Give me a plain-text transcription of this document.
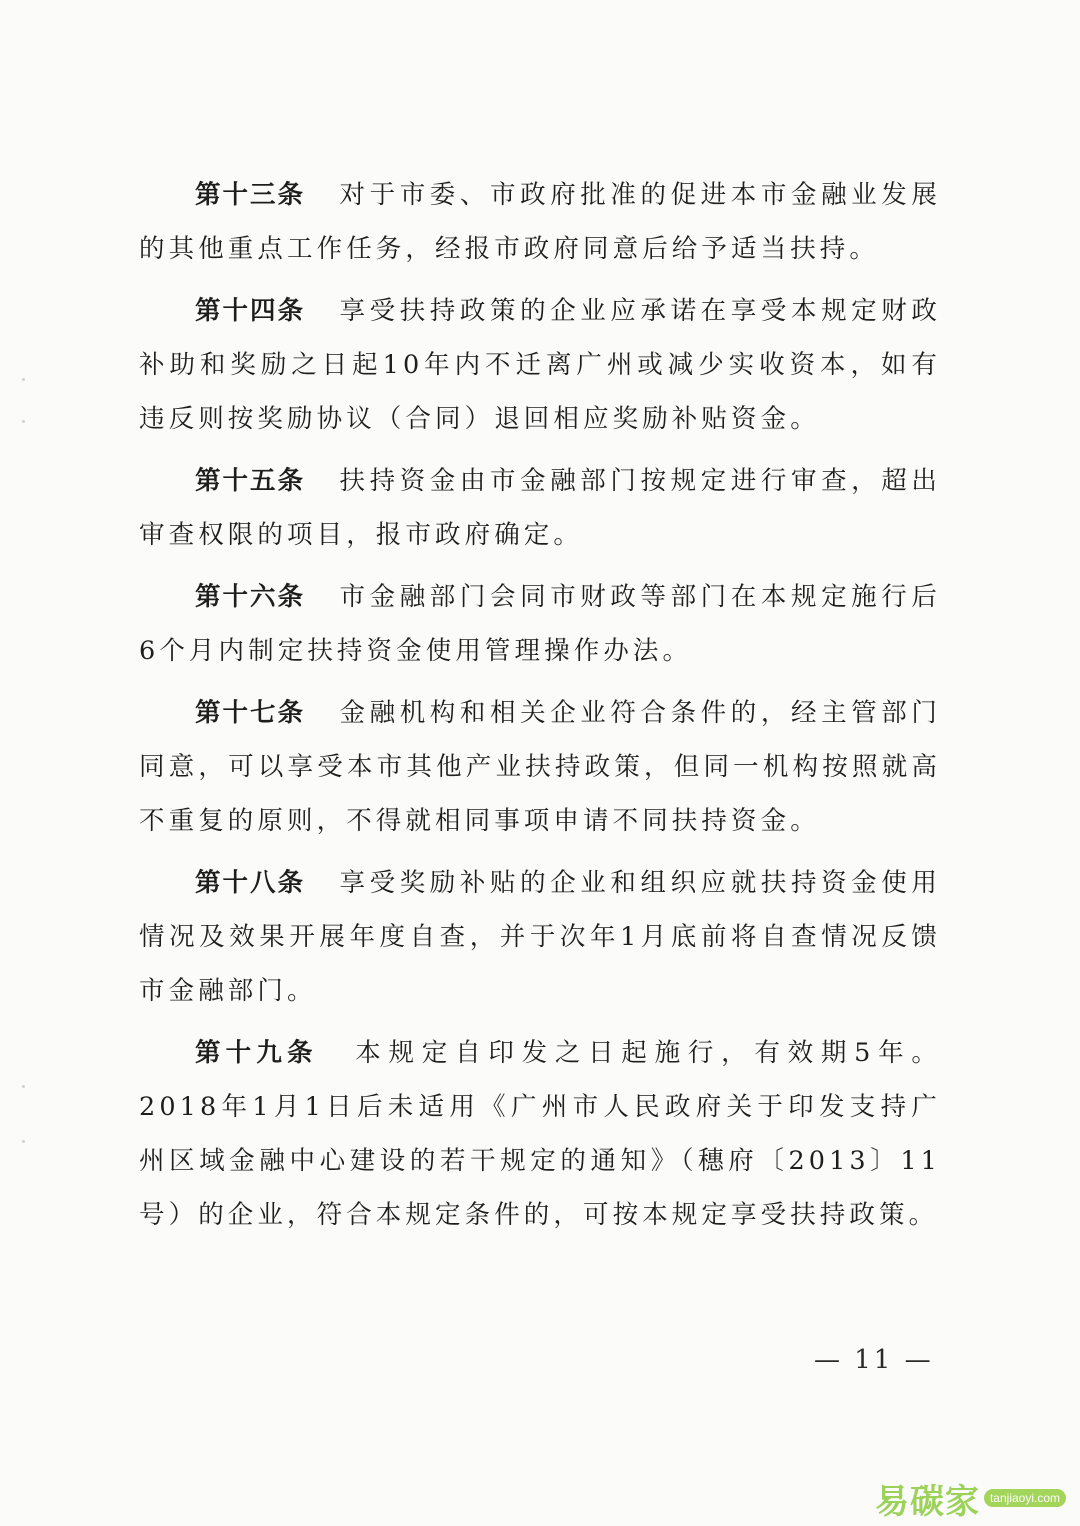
第十三条 对于市委、市政府批准的促进本市金融业发展的其他重点工作任务，经报市政府同意后给予适当扶持。

第十四条 享受扶持政策的企业应承诺在享受本规定财政补助和奖励之日起10年内不迁离广州或减少实收资本，如有违反则按奖励协议（合同）退回相应奖励补贴资金。

第十五条 扶持资金由市金融部门按规定进行审查，超出审查权限的项目，报市政府确定。

第十六条 市金融部门会同市财政等部门在本规定施行后6个月内制定扶持资金使用管理操作办法。

第十七条 金融机构和相关企业符合条件的，经主管部门同意，可以享受本市其他产业扶持政策，但同一机构按照就高不重复的原则，不得就相同事项申请不同扶持资金。

第十八条 享受奖励补贴的企业和组织应就扶持资金使用情况及效果开展年度自查，并于次年1月底前将自查情况反馈市金融部门。

第十九条 本规定自印发之日起施行，有效期5年。2018年1月1日后未适用《广州市人民政府关于印发支持广州区域金融中心建设的若干规定的通知》（穗府〔2013〕11号）的企业，符合本规定条件的，可按本规定享受扶持政策。

— 11 —
易碳家 tanjiaoyi.com
